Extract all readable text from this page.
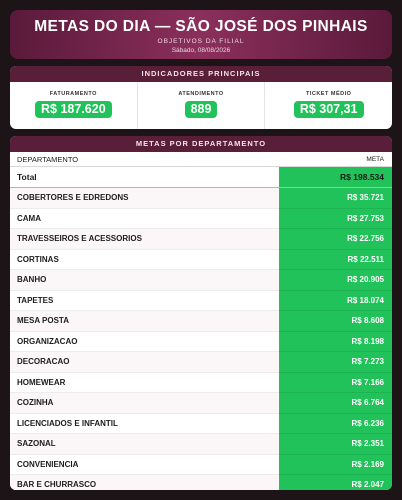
METAS DO DIA — SÃO JOSÉ DOS PINHAIS
OBJETIVOS DA FILIAL
Sábado, 08/08/2026
INDICADORES PRINCIPAIS
FATURAMENTO
R$ 187.620
ATENDIMENTO
889
TICKET MÉDIO
R$ 307,31
METAS POR DEPARTAMENTO
DEPARTAMENTO	META
Total	R$ 198.534
COBERTORES E EDREDONS	R$ 35.721
CAMA	R$ 27.753
TRAVESSEIROS E ACESSORIOS	R$ 22.756
CORTINAS	R$ 22.511
BANHO	R$ 20.905
TAPETES	R$ 18.074
MESA POSTA	R$ 8.608
ORGANIZACAO	R$ 8.198
DECORACAO	R$ 7.273
HOMEWEAR	R$ 7.166
COZINHA	R$ 6.764
LICENCIADOS E INFANTIL	R$ 6.236
SAZONAL	R$ 2.351
CONVENIENCIA	R$ 2.169
BAR E CHURRASCO	R$ 2.047
